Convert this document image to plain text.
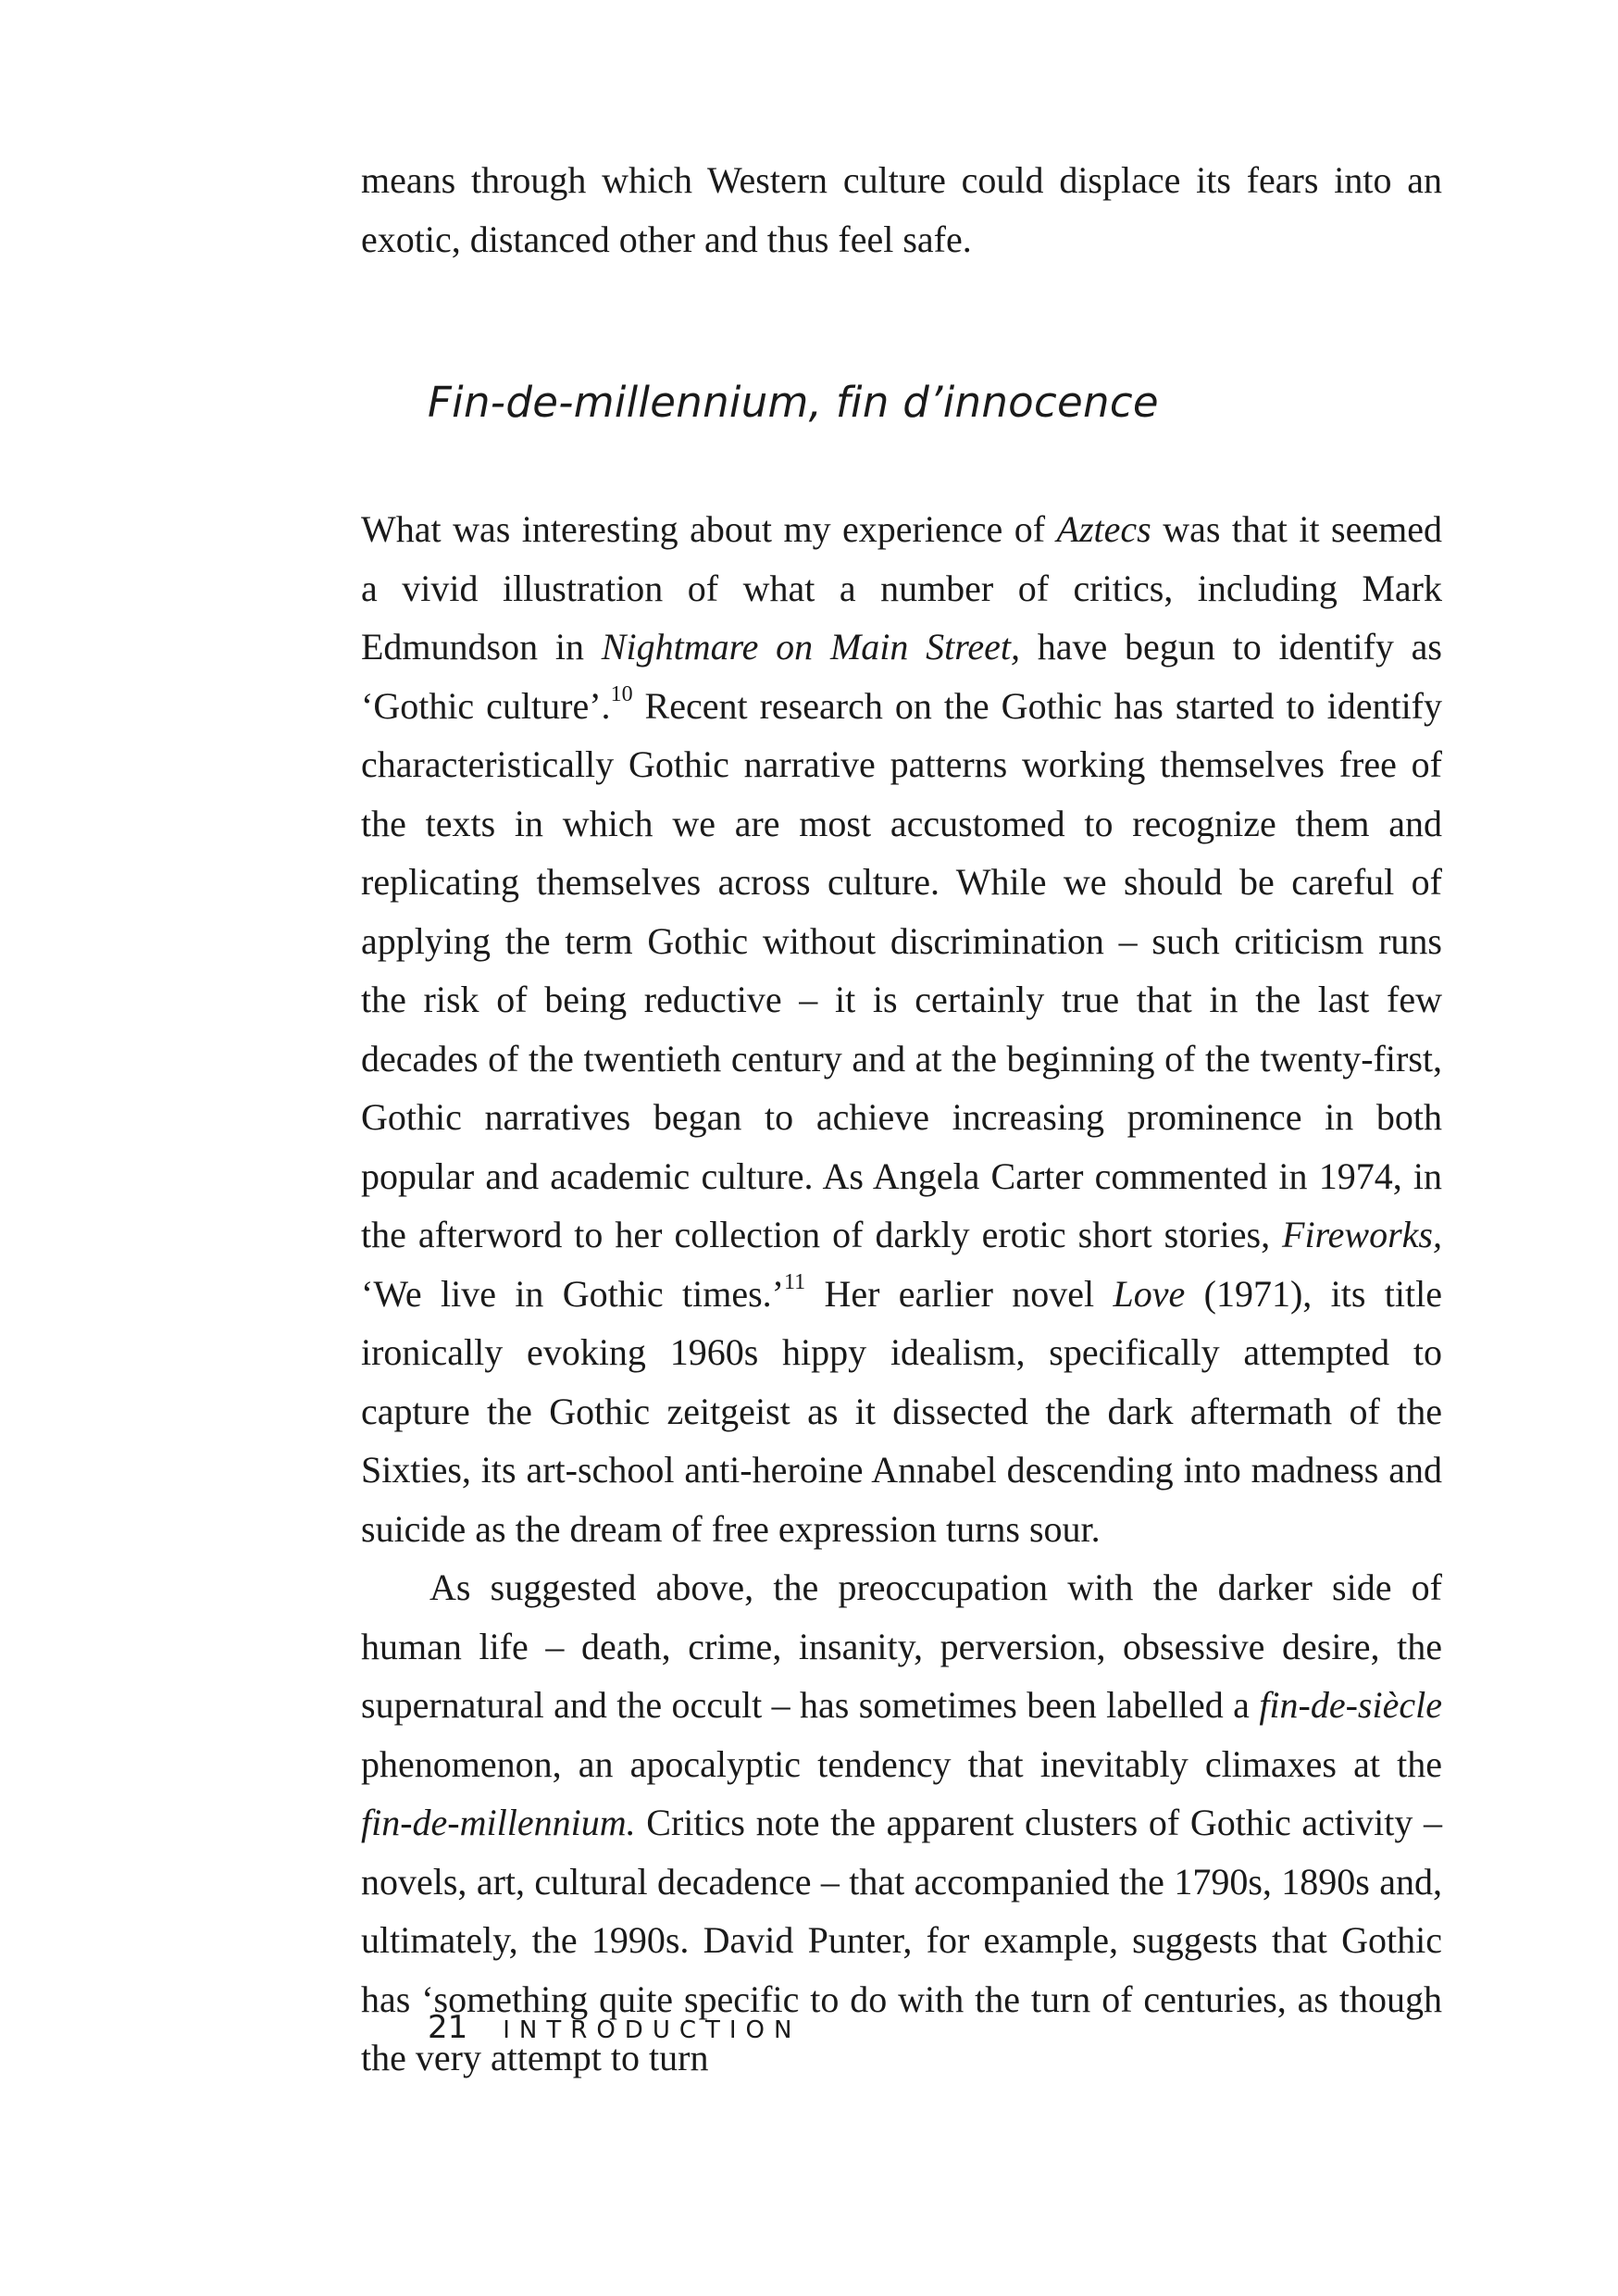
means through which Western culture could displace its fears into an exotic, distanced other and thus feel safe.

Fin-de-millennium, fin d’innocence

What was interesting about my experience of Aztecs was that it seemed a vivid illustration of what a number of critics, including Mark Edmundson in Nightmare on Main Street, have begun to identify as ‘Gothic culture’.$^{10}$ Recent research on the Gothic has started to identify characteristically Gothic narrative patterns working themselves free of the texts in which we are most accustomed to recognize them and replicating themselves across culture. While we should be careful of applying the term Gothic without discrimination – such criticism runs the risk of being reductive – it is certainly true that in the last few decades of the twentieth century and at the beginning of the twenty-first, Gothic narratives began to achieve increasing prominence in both popular and academic culture. As Angela Carter commented in 1974, in the afterword to her collection of darkly erotic short stories, Fireworks, ‘We live in Gothic times.’$^{11}$ Her earlier novel Love (1971), its title ironically evoking 1960s hippy idealism, specifically attempted to capture the Gothic zeitgeist as it dissected the dark aftermath of the Sixties, its art-school anti-heroine Annabel descending into madness and suicide as the dream of free expression turns sour.

As suggested above, the preoccupation with the darker side of human life – death, crime, insanity, perversion, obsessive desire, the supernatural and the occult – has sometimes been labelled a fin-de-siècle phenomenon, an apocalyptic tendency that inevitably climaxes at the fin-de-millennium. Critics note the apparent clusters of Gothic activity – novels, art, cultural decadence – that accompanied the 1790s, 1890s and, ultimately, the 1990s. David Punter, for example, suggests that Gothic has ‘something quite specific to do with the turn of centuries, as though the very attempt to turn

21 INTRODUCTION
